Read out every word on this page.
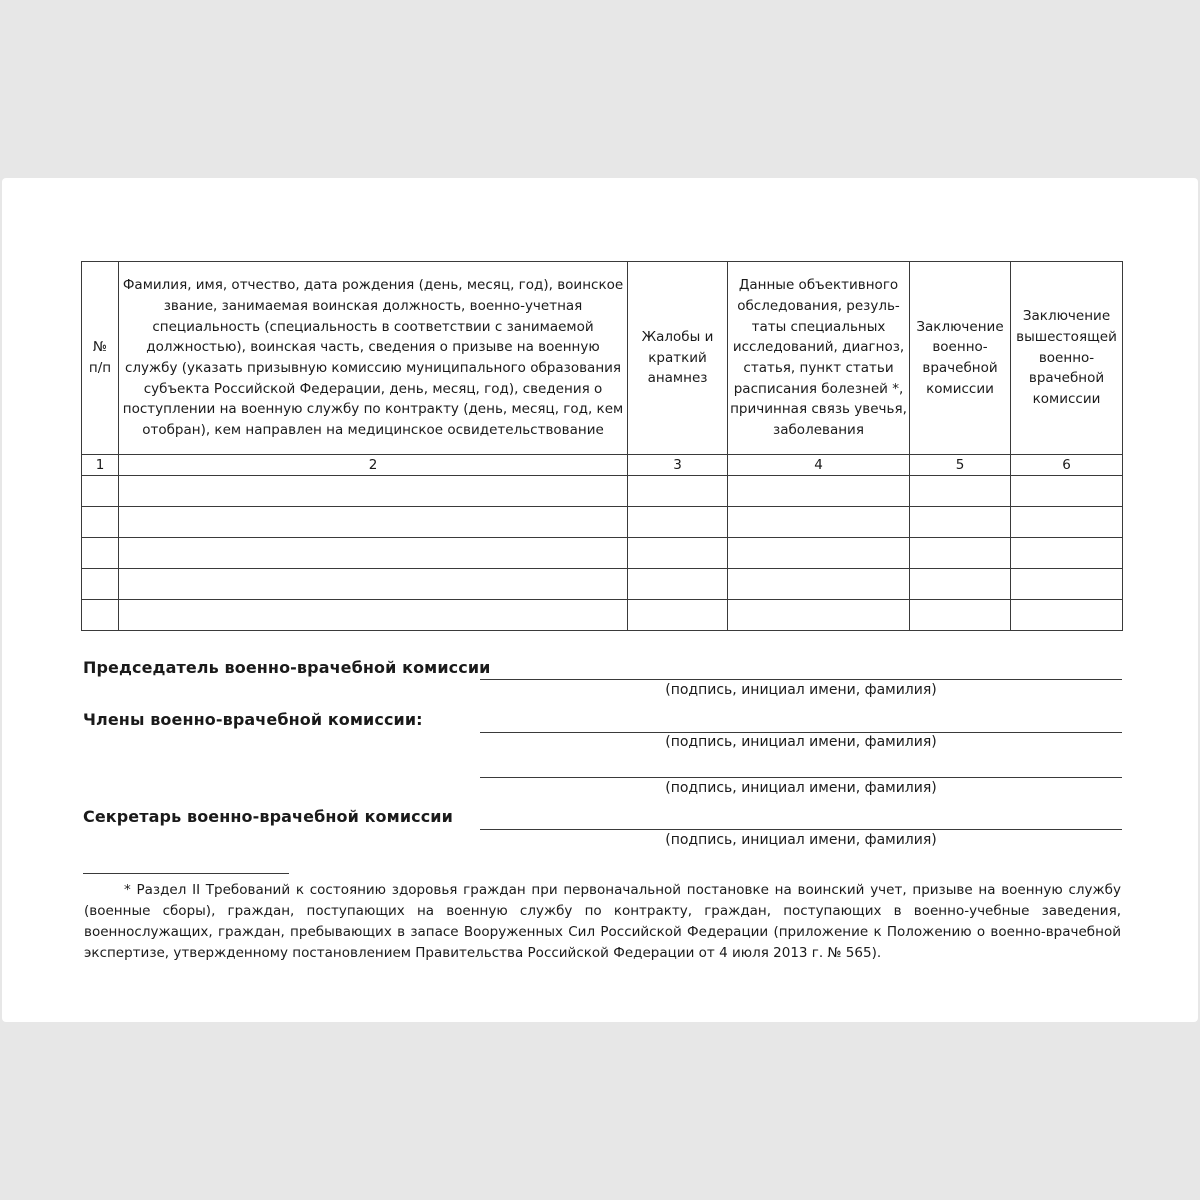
№ п/п	Фамилия, имя, отчество, дата рождения (день, месяц, год), воинское звание, занимаемая воинская должность, военно-учетная специальность (специальность в соответствии с занимаемой должностью), воинская часть, сведения о призыве на военную службу (указать призывную комиссию муниципального образования субъекта Российской Федерации, день, месяц, год), сведения о поступлении на военную службу по контракту (день, месяц, год, кем отобран), кем направлен на медицинское освидетельствование	Жалобы и краткий анамнез	Данные объективного обследования, резуль-таты специальных исследований, диагноз, статья, пункт статьи расписания болезней *, причинная связь увечья, заболевания	Заключение военно-врачебной комиссии	Заключение вышестоящей военно-врачебной комиссии

1	2	3	4	5	6

Председатель военно-врачебной комиссии
(подпись, инициал имени, фамилия)
Члены военно-врачебной комиссии:
(подпись, инициал имени, фамилия)
(подпись, инициал имени, фамилия)
Секретарь военно-врачебной комиссии
(подпись, инициал имени, фамилия)
* Раздел II Требований к состоянию здоровья граждан при первоначальной постановке на воинский учет, призыве на военную службу (военные сборы), граждан, поступающих на военную службу по контракту, граждан, поступающих в военно-учебные заведения, военнослужащих, граждан, пребывающих в запасе Вооруженных Сил Российской Федерации (приложение к Положению о военно-врачебной экспертизе, утвержденному постановлением Правительства Российской Федерации от 4 июля 2013 г. № 565).
